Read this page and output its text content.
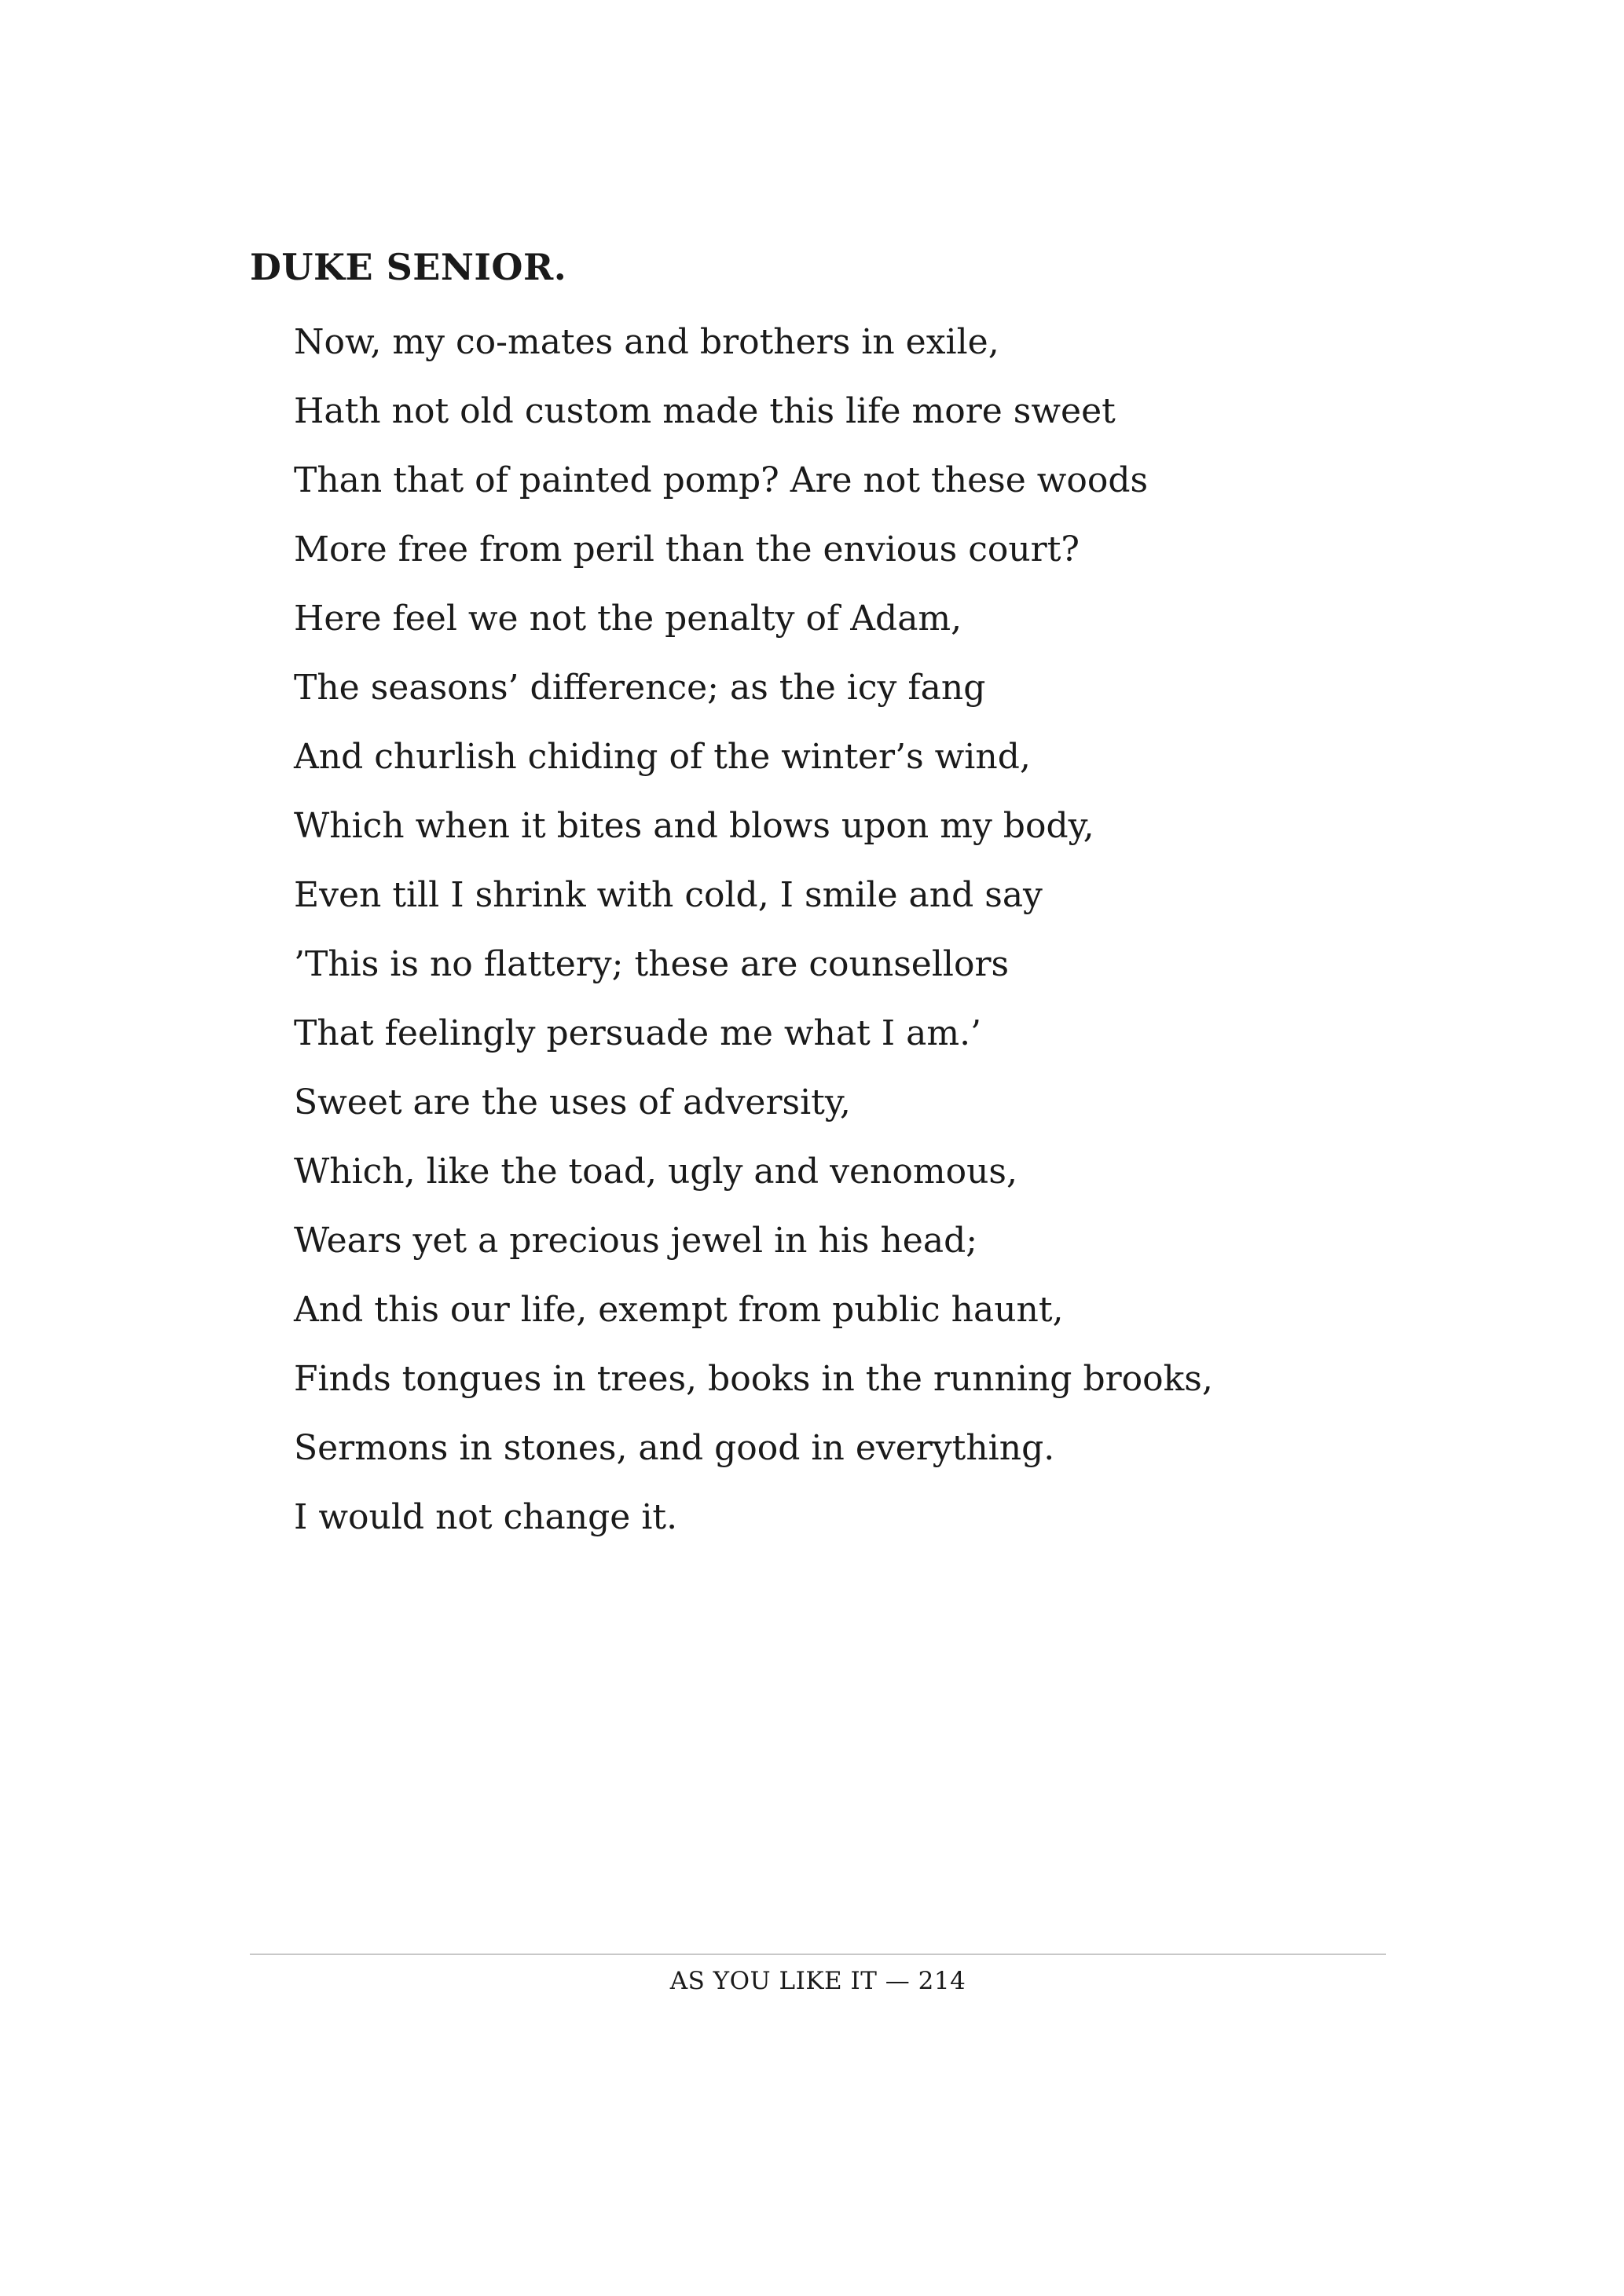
DUKE SENIOR.
Now, my co-mates and brothers in exile,
Hath not old custom made this life more sweet
Than that of painted pomp? Are not these woods
More free from peril than the envious court?
Here feel we not the penalty of Adam,
The seasons’ difference; as the icy fang
And churlish chiding of the winter’s wind,
Which when it bites and blows upon my body,
Even till I shrink with cold, I smile and say
’This is no flattery; these are counsellors
That feelingly persuade me what I am.’
Sweet are the uses of adversity,
Which, like the toad, ugly and venomous,
Wears yet a precious jewel in his head;
And this our life, exempt from public haunt,
Finds tongues in trees, books in the running brooks,
Sermons in stones, and good in everything.
I would not change it.
AS YOU LIKE IT — 214
